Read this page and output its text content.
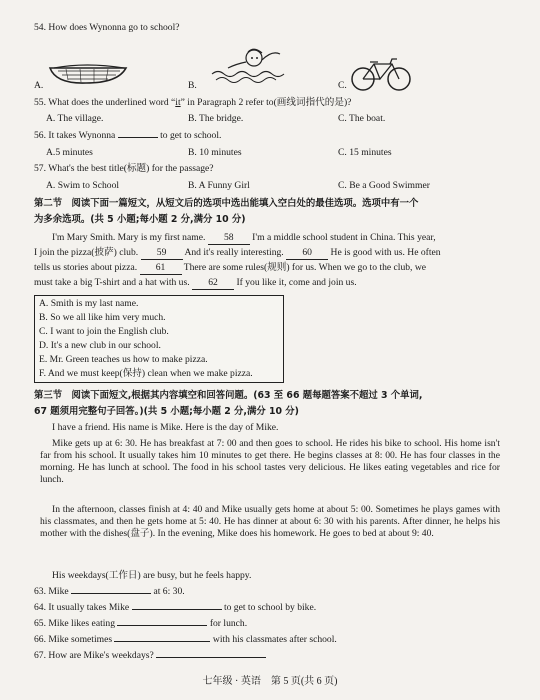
54. How does Wynonna go to school?
A.	B.	C.
55. What does the underlined word “it” in Paragraph 2 refer to(画线词指代的是)?
A. The village.	B. The bridge.	C. The boat.
56. It takes Wynonna	to get to school.
A.5 minutes	B. 10 minutes	C. 15 minutes
57. What's the best title(标题) for the passage?
A. Swim to School	B. A Funny Girl	C. Be a Good Swimmer
第二节　阅读下面一篇短文，从短文后的选项中选出能填入空白处的最佳选项。选项中有一个
为多余选项。(共 5 小题;每小题 2 分,满分 10 分)
I'm Mary Smith. Mary is my first name. 58 I'm a middle school student in China. This year,
I join the pizza(披萨) club. 59 And it's really interesting. 60 He is good with us. He often
tells us stories about pizza. 61 There are some rules(规则) for us. When we go to the club, we
must take a big T-shirt and a hat with us. 62 If you like it, come and join us.
A. Smith is my last name.
B. So we all like him very much.
C. I want to join the English club.
D. It's a new club in our school.
E. Mr. Green teaches us how to make pizza.
F. And we must keep(保持) clean when we make pizza.
第三节　阅读下面短文,根据其内容填空和回答问题。(63 至 66 题每题答案不超过 3 个单词,
67 题须用完整句子回答。)(共 5 小题;每小题 2 分,满分 10 分)
I have a friend. His name is Mike. Here is the day of Mike.
Mike gets up at 6: 30. He has breakfast at 7: 00 and then goes to school. He rides his bike to school. His home isn't far from his school. It usually takes him 10 minutes to get there. He begins classes at 8: 00. He has four classes in the morning. He has lunch at school. The food in his school tastes very delicious. He likes eating vegetables and rice for lunch.
In the afternoon, classes finish at 4: 40 and Mike usually gets home at about 5: 00. Sometimes he plays games with his classmates, and then he gets home at 5: 40. He has dinner at about 6: 30 with his parents. After dinner, he helps his mother with the dishes(盘子). In the evening, Mike does his homework. He goes to bed at about 9: 40.
His weekdays(工作日) are busy, but he feels happy.
63. Mike	at 6: 30.
64. It usually takes Mike	to get to school by bike.
65. Mike likes eating	for lunch.
66. Mike sometimes	with his classmates after school.
67. How are Mike's weekdays?
七年级 · 英语　第 5 页(共 6 页)
